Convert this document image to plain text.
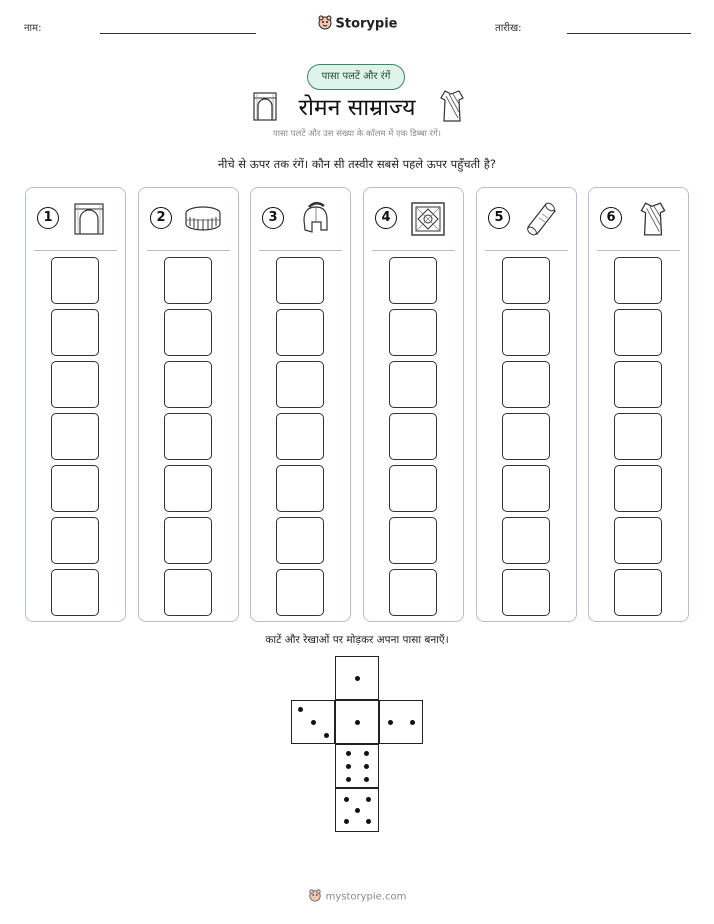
नाम:	Storypie	तारीख:
पासा पलटें और रंगें
रोमन साम्राज्य
पासा पलटें और उस संख्या के कॉलम में एक डिब्बा रंगें।
नीचे से ऊपर तक रंगें। कौन सी तस्वीर सबसे पहले ऊपर पहुँचती है?
1	2	3	4	5	6
काटें और रेखाओं पर मोड़कर अपना पासा बनाएँ।
mystorypie.com
